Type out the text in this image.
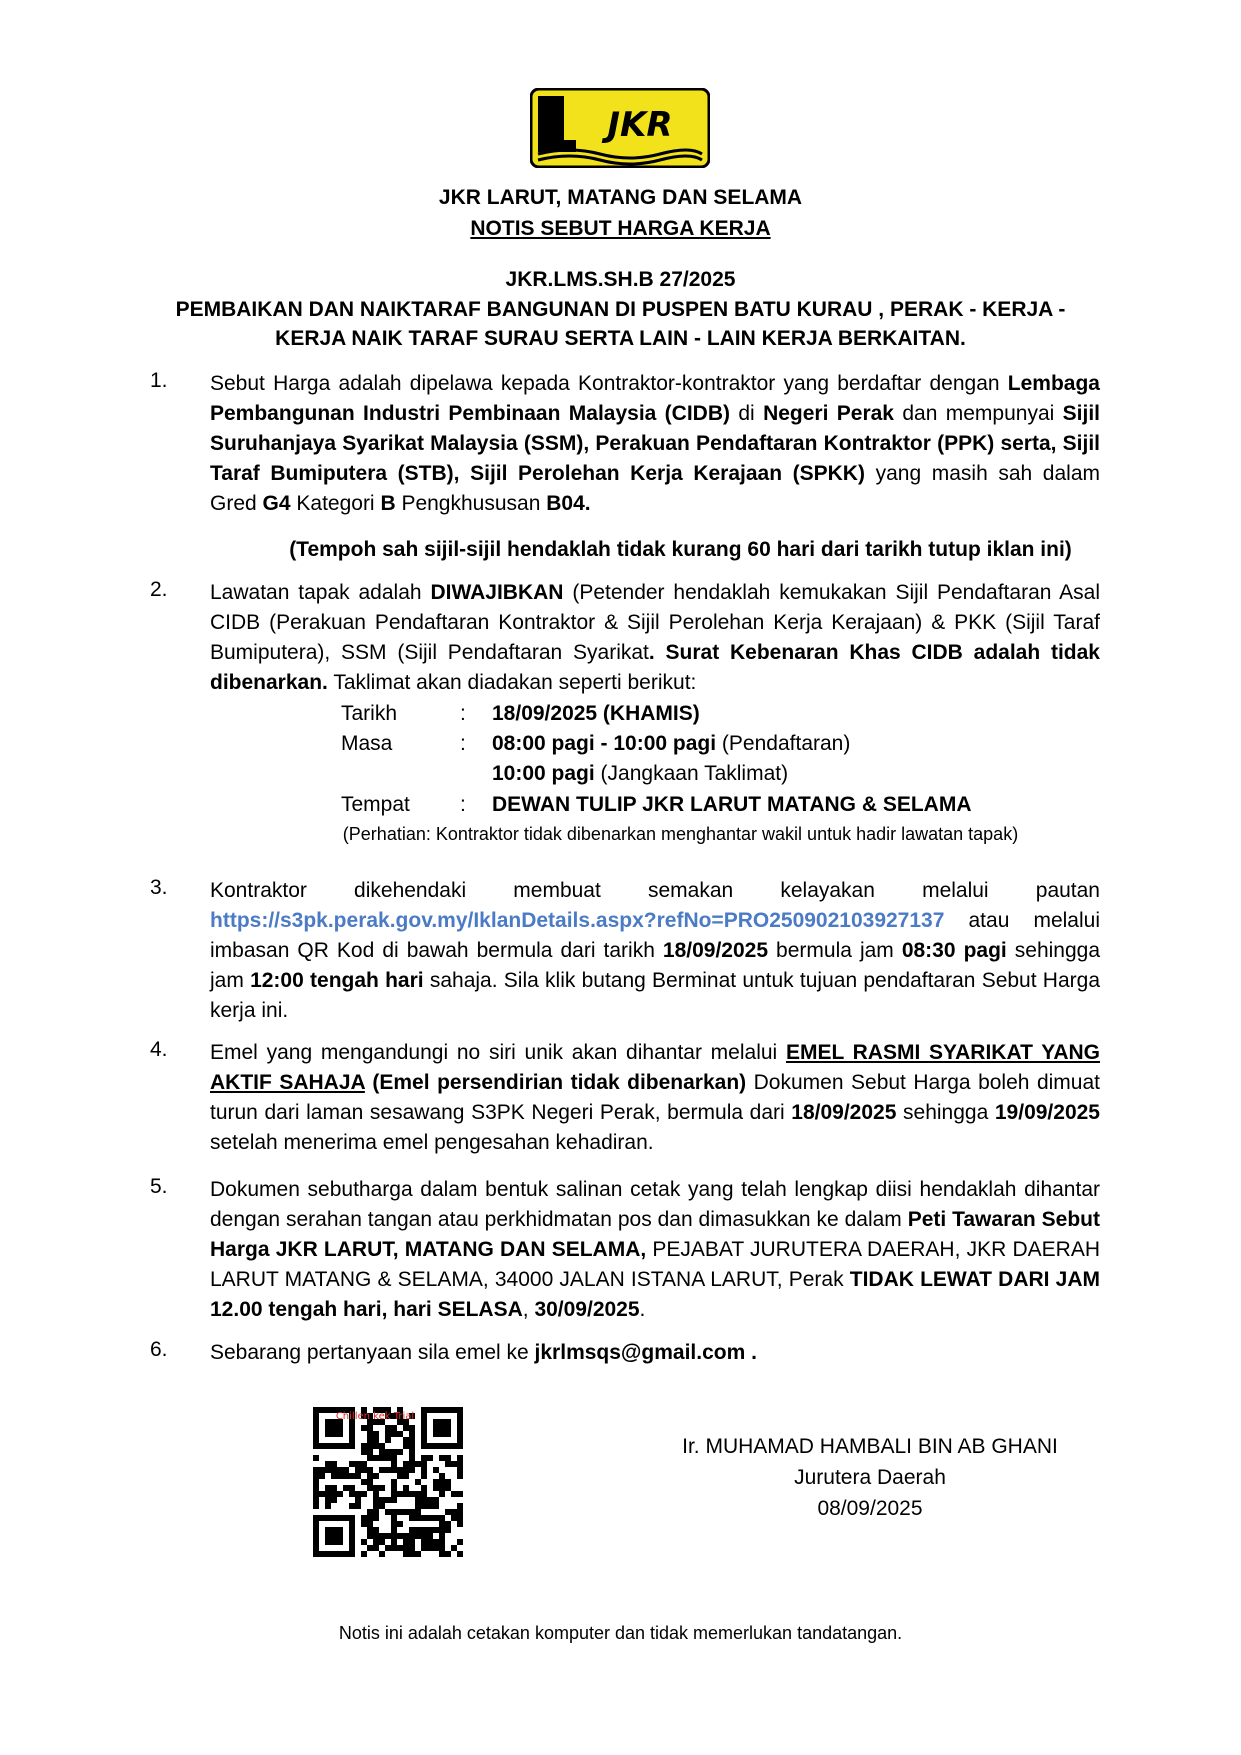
JKR
JKR LARUT, MATANG DAN SELAMA
NOTIS SEBUT HARGA KERJA
JKR.LMS.SH.B 27/2025
PEMBAIKAN DAN NAIKTARAF BANGUNAN DI PUSPEN BATU KURAU , PERAK - KERJA -
KERJA NAIK TARAF SURAU SERTA LAIN - LAIN KERJA BERKAITAN.
1.	Sebut Harga adalah dipelawa kepada Kontraktor-kontraktor yang berdaftar dengan Lembaga Pembangunan Industri Pembinaan Malaysia (CIDB) di Negeri Perak dan mempunyai Sijil Suruhanjaya Syarikat Malaysia (SSM), Perakuan Pendaftaran Kontraktor (PPK) serta, Sijil Taraf Bumiputera (STB), Sijil Perolehan Kerja Kerajaan (SPKK) yang masih sah dalam Gred G4 Kategori B Pengkhususan B04.
(Tempoh sah sijil-sijil hendaklah tidak kurang 60 hari dari tarikh tutup iklan ini)
2.	Lawatan tapak adalah DIWAJIBKAN (Petender hendaklah kemukakan Sijil Pendaftaran Asal CIDB (Perakuan Pendaftaran Kontraktor & Sijil Perolehan Kerja Kerajaan) & PKK (Sijil Taraf Bumiputera), SSM (Sijil Pendaftaran Syarikat. Surat Kebenaran Khas CIDB adalah tidak dibenarkan. Taklimat akan diadakan seperti berikut:
Tarikh	: 18/09/2025 (KHAMIS)
Masa	: 08:00 pagi - 10:00 pagi (Pendaftaran)
10:00 pagi (Jangkaan Taklimat)
Tempat : DEWAN TULIP JKR LARUT MATANG & SELAMA
(Perhatian: Kontraktor tidak dibenarkan menghantar wakil untuk hadir lawatan tapak)
3.	Kontraktor dikehendaki membuat semakan kelayakan melalui pautan https://s3pk.perak.gov.my/IklanDetails.aspx?refNo=PRO250902103927137 atau melalui imbasan QR Kod di bawah bermula dari tarikh 18/09/2025 bermula jam 08:30 pagi sehingga jam 12:00 tengah hari sahaja. Sila klik butang Berminat untuk tujuan pendaftaran Sebut Harga kerja ini.
4.	Emel yang mengandungi no siri unik akan dihantar melalui EMEL RASMI SYARIKAT YANG AKTIF SAHAJA (Emel persendirian tidak dibenarkan) Dokumen Sebut Harga boleh dimuat turun dari laman sesawang S3PK Negeri Perak, bermula dari 18/09/2025 sehingga 19/09/2025 setelah menerima emel pengesahan kehadiran.
5.	Dokumen sebutharga dalam bentuk salinan cetak yang telah lengkap diisi hendaklah dihantar dengan serahan tangan atau perkhidmatan pos dan dimasukkan ke dalam Peti Tawaran Sebut Harga JKR LARUT, MATANG DAN SELAMA, PEJABAT JURUTERA DAERAH, JKR DAERAH LARUT MATANG & SELAMA, 34000 JALAN ISTANA LARUT, Perak TIDAK LEWAT DARI JAM 12.00 tengah hari, hari SELASA, 30/09/2025.
6.	Sebarang pertanyaan sila emel ke jkrlmsqs@gmail.com .
Chillen kek Trial
Ir. MUHAMAD HAMBALI BIN AB GHANI
Jurutera Daerah
08/09/2025
Notis ini adalah cetakan komputer dan tidak memerlukan tandatangan.
